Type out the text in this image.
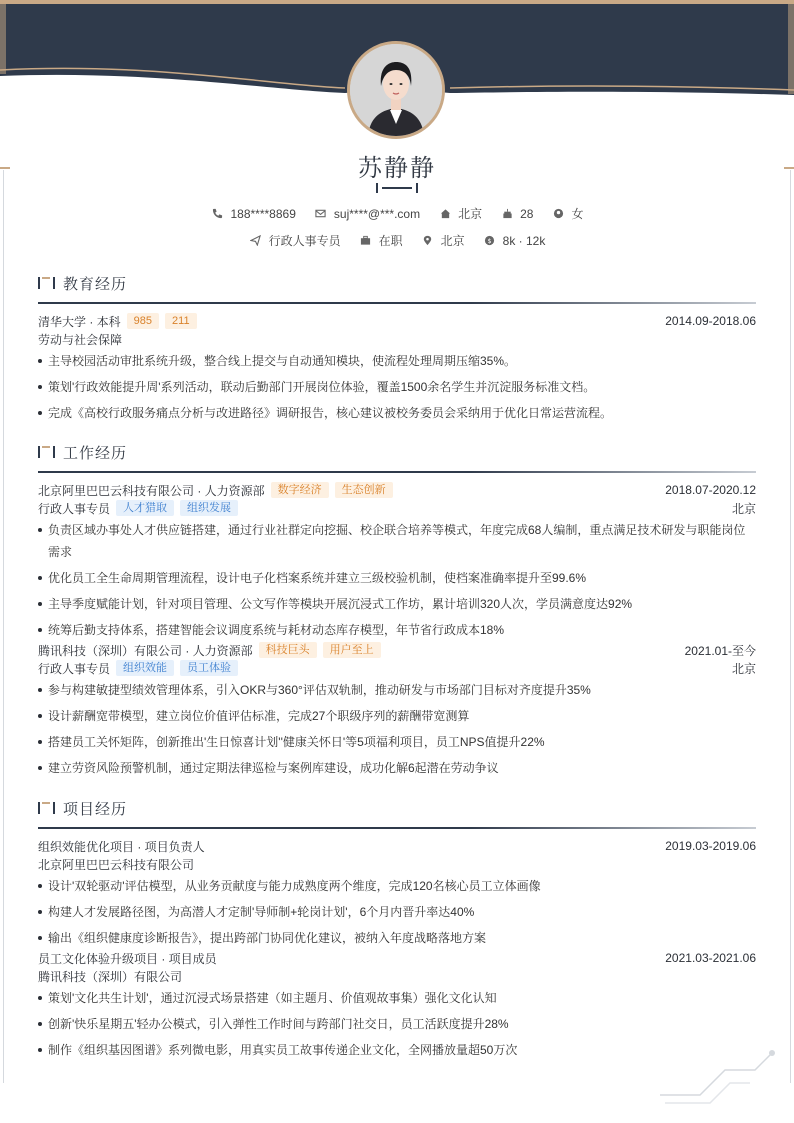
苏静静
188****8869	suj****@***.com	北京	28	女
行政人事专员	在职	北京	$ 8k · 12k
教育经历
清华大学 · 本科	985	211	2014.09-2018.06
劳动与社会保障
主导校园活动审批系统升级，整合线上提交与自动通知模块，使流程处理周期压缩35%。
策划'行政效能提升周'系列活动，联动后勤部门开展岗位体验，覆盖1500余名学生并沉淀服务标准文档。
完成《高校行政服务痛点分析与改进路径》调研报告，核心建议被校务委员会采纳用于优化日常运营流程。
工作经历
北京阿里巴巴云科技有限公司 · 人力资源部	数字经济	生态创新	2018.07-2020.12
行政人事专员	人才猎取	组织发展	北京
负责区域办事处人才供应链搭建，通过行业社群定向挖掘、校企联合培养等模式，年度完成68人编制，重点满足技术研发与职能岗位需求
优化员工全生命周期管理流程，设计电子化档案系统并建立三级校验机制，使档案准确率提升至99.6%
主导季度赋能计划，针对项目管理、公文写作等模块开展沉浸式工作坊，累计培训320人次，学员满意度达92%
统筹后勤支持体系，搭建智能会议调度系统与耗材动态库存模型，年节省行政成本18%
腾讯科技（深圳）有限公司 · 人力资源部	科技巨头	用户至上	2021.01-至今
行政人事专员	组织效能	员工体验	北京
参与构建敏捷型绩效管理体系，引入OKR与360°评估双轨制，推动研发与市场部门目标对齐度提升35%
设计薪酬宽带模型，建立岗位价值评估标准，完成27个职级序列的薪酬带宽测算
搭建员工关怀矩阵，创新推出'生日惊喜计划''健康关怀日'等5项福利项目，员工NPS值提升22%
建立劳资风险预警机制，通过定期法律巡检与案例库建设，成功化解6起潜在劳动争议
项目经历
组织效能优化项目 · 项目负责人	2019.03-2019.06
北京阿里巴巴云科技有限公司
设计'双轮驱动'评估模型，从业务贡献度与能力成熟度两个维度，完成120名核心员工立体画像
构建人才发展路径图，为高潜人才定制'导师制+轮岗计划'，6个月内晋升率达40%
输出《组织健康度诊断报告》，提出跨部门协同优化建议，被纳入年度战略落地方案
员工文化体验升级项目 · 项目成员	2021.03-2021.06
腾讯科技（深圳）有限公司
策划'文化共生计划'，通过沉浸式场景搭建（如主题月、价值观故事集）强化文化认知
创新'快乐星期五'轻办公模式，引入弹性工作时间与跨部门社交日，员工活跃度提升28%
制作《组织基因图谱》系列微电影，用真实员工故事传递企业文化，全网播放量超50万次
